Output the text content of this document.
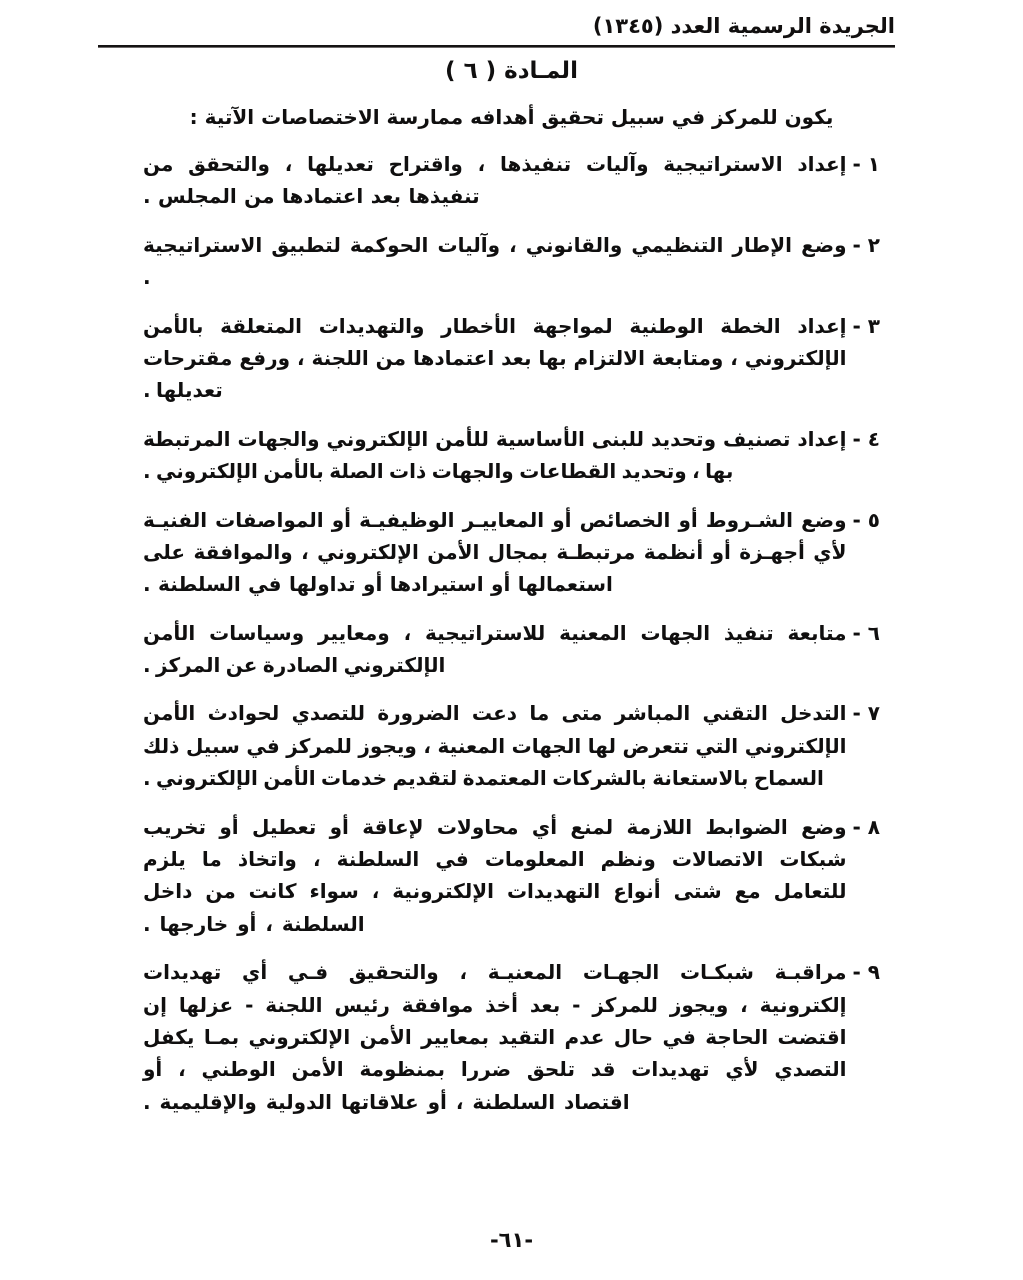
الجريدة الرسمية العدد (١٣٤٥)
المـادة ( ٦ )

يكون للمركز في سبيل تحقيق أهدافه ممارسة الاختصاصات الآتية :

١ -
إعداد الاستراتيجية وآليات تنفيذها ، واقتراح تعديلها ، والتحقق من تنفيذها بعد اعتمادها من المجلس .
٢ -
وضع الإطار التنظيمي والقانوني ، وآليات الحوكمة لتطبيق الاستراتيجية .
٣ -
إعداد الخطة الوطنية لمواجهة الأخطار والتهديدات المتعلقة بالأمن الإلكتروني ، ومتابعة الالتزام بها بعد اعتمادها من اللجنة ، ورفع مقترحات تعديلها .
٤ -
إعداد تصنيف وتحديد للبنى الأساسية للأمن الإلكتروني والجهات المرتبطة بها ، وتحديد القطاعات والجهات ذات الصلة بالأمن الإلكتروني .
٥ -
وضع الشـروط أو الخصائص أو المعاييـر الوظيفيـة أو المواصفات الفنيـة لأي أجهـزة أو أنظمة مرتبطـة بمجال الأمن الإلكتروني ، والموافقة على استعمالها أو استيرادها أو تداولها في السلطنة .
٦ -
متابعة تنفيذ الجهات المعنية للاستراتيجية ، ومعايير وسياسات الأمن الإلكتروني الصادرة عن المركز .
٧ -
التدخل التقني المباشر متى ما دعت الضرورة للتصدي لحوادث الأمن الإلكتروني التي تتعرض لها الجهات المعنية ، ويجوز للمركز في سبيل ذلك السماح بالاستعانة بالشركات المعتمدة لتقديم خدمات الأمن الإلكتروني .
٨ -
وضع الضوابط اللازمة لمنع أي محاولات لإعاقة أو تعطيل أو تخريب شبكات الاتصالات ونظم المعلومات في السلطنة ، واتخاذ ما يلزم للتعامل مع شتى أنواع التهديدات الإلكترونية ، سواء كانت من داخل السلطنة ، أو خارجها .
٩ -
مراقبـة شبكـات الجهـات المعنيـة ، والتحقيق فـي أي تهديدات إلكترونية ، ويجوز للمركز - بعد أخذ موافقة رئيس اللجنة - عزلها إن اقتضت الحاجة في حال عدم التقيد بمعايير الأمن الإلكتروني بمـا يكفل التصدي لأي تهديدات قد تلحق ضررا بمنظومة الأمن الوطني ، أو اقتصاد السلطنة ، أو علاقاتها الدولية والإقليمية .
-٦١-
